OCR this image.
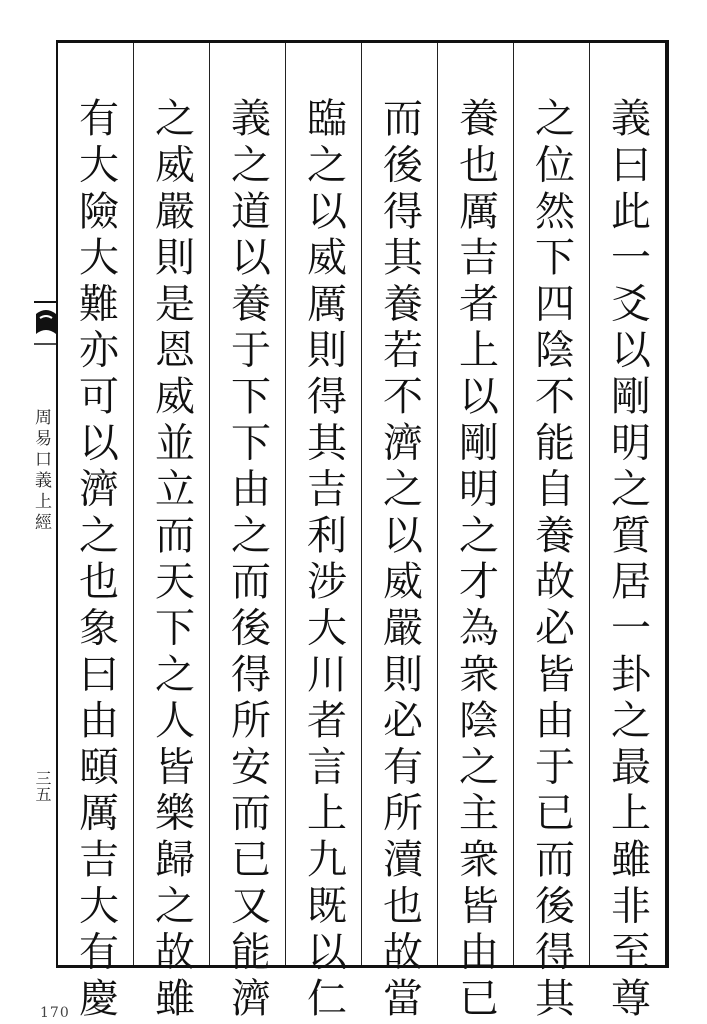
周易口義上經
三五	義曰此一爻以剛明之質居一卦之最上雖非至尊
之位然下四陰不能自養故必皆由于已而後得其
養也厲吉者上以剛明之才為衆陰之主衆皆由已
而後得其養若不濟之以威嚴則必有所瀆也故當
臨之以威厲則得其吉利涉大川者言上九既以仁
義之道以養于下下由之而後得所安而已又能濟
之威嚴則是恩威並立而天下之人皆樂歸之故雖
有大險大難亦可以濟之也象曰由頤厲吉大有慶
170
